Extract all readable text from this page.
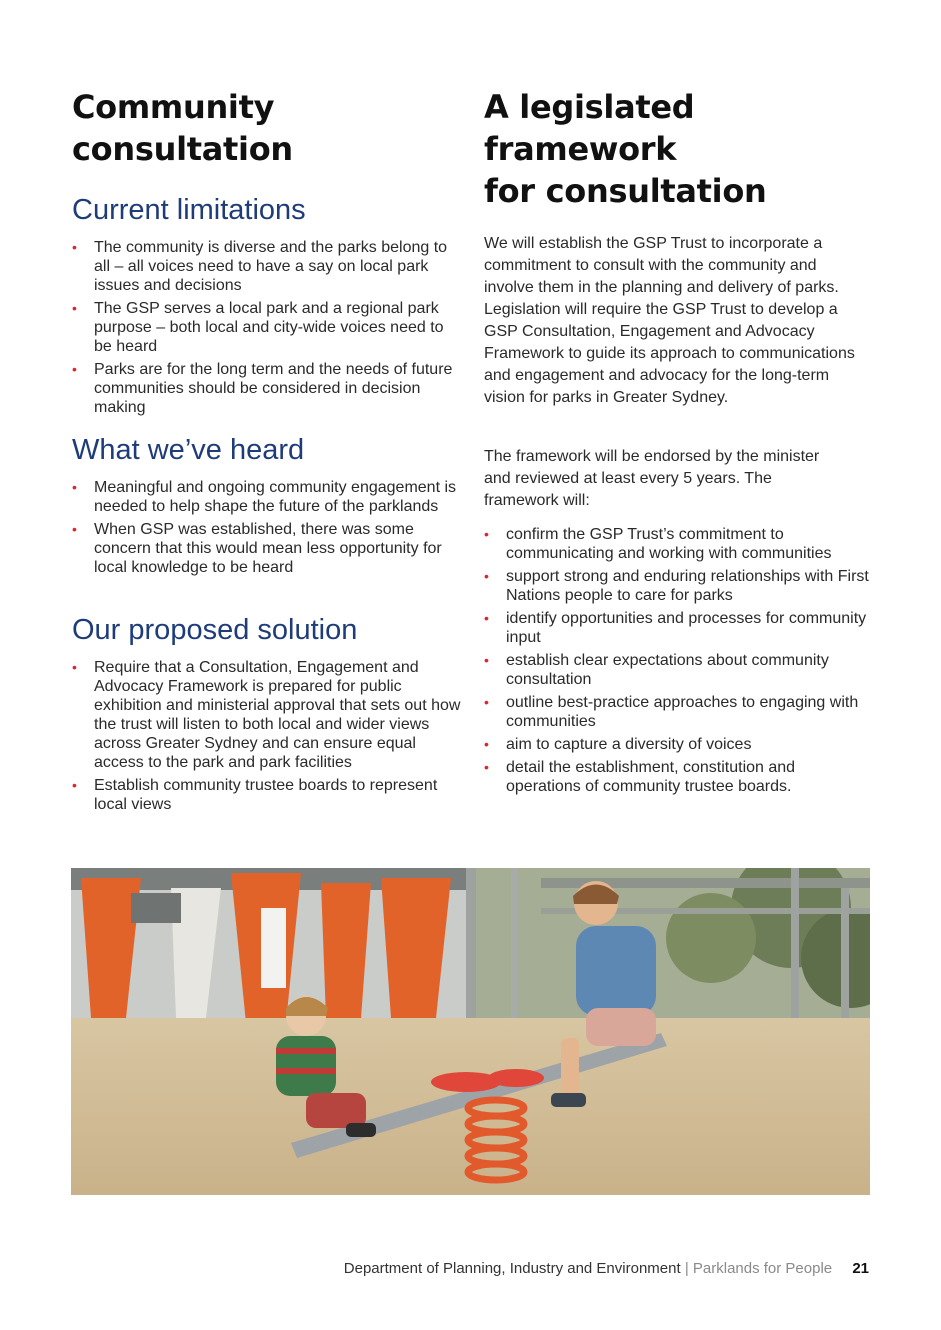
Community
consultation
Current limitations
• The community is diverse and the parks belong to all – all voices need to have a say on local park issues and decisions
• The GSP serves a local park and a regional park purpose – both local and city-wide voices need to be heard
• Parks are for the long term and the needs of future communities should be considered in decision making
What we’ve heard
• Meaningful and ongoing community engagement is needed to help shape the future of the parklands
• When GSP was established, there was some concern that this would mean less opportunity for local knowledge to be heard
Our proposed solution
• Require that a Consultation, Engagement and Advocacy Framework is prepared for public exhibition and ministerial approval that sets out how the trust will listen to both local and wider views across Greater Sydney and can ensure equal access to the park and park facilities
• Establish community trustee boards to represent local views
A legislated
framework
for consultation

We will establish the GSP Trust to incorporate a commitment to consult with the community and involve them in the planning and delivery of parks. Legislation will require the GSP Trust to develop a GSP Consultation, Engagement and Advocacy Framework to guide its approach to communications and engagement and advocacy for the long-term vision for parks in Greater Sydney.

The framework will be endorsed by the minister and reviewed at least every 5 years. The framework will:

• confirm the GSP Trust’s commitment to communicating and working with communities
• support strong and enduring relationships with First Nations people to care for parks
• identify opportunities and processes for community input
• establish clear expectations about community consultation
• outline best-practice approaches to engaging with communities
• aim to capture a diversity of voices
• detail the establishment, constitution and operations of community trustee boards.
Department of Planning, Industry and Environment | Parklands for People 21
